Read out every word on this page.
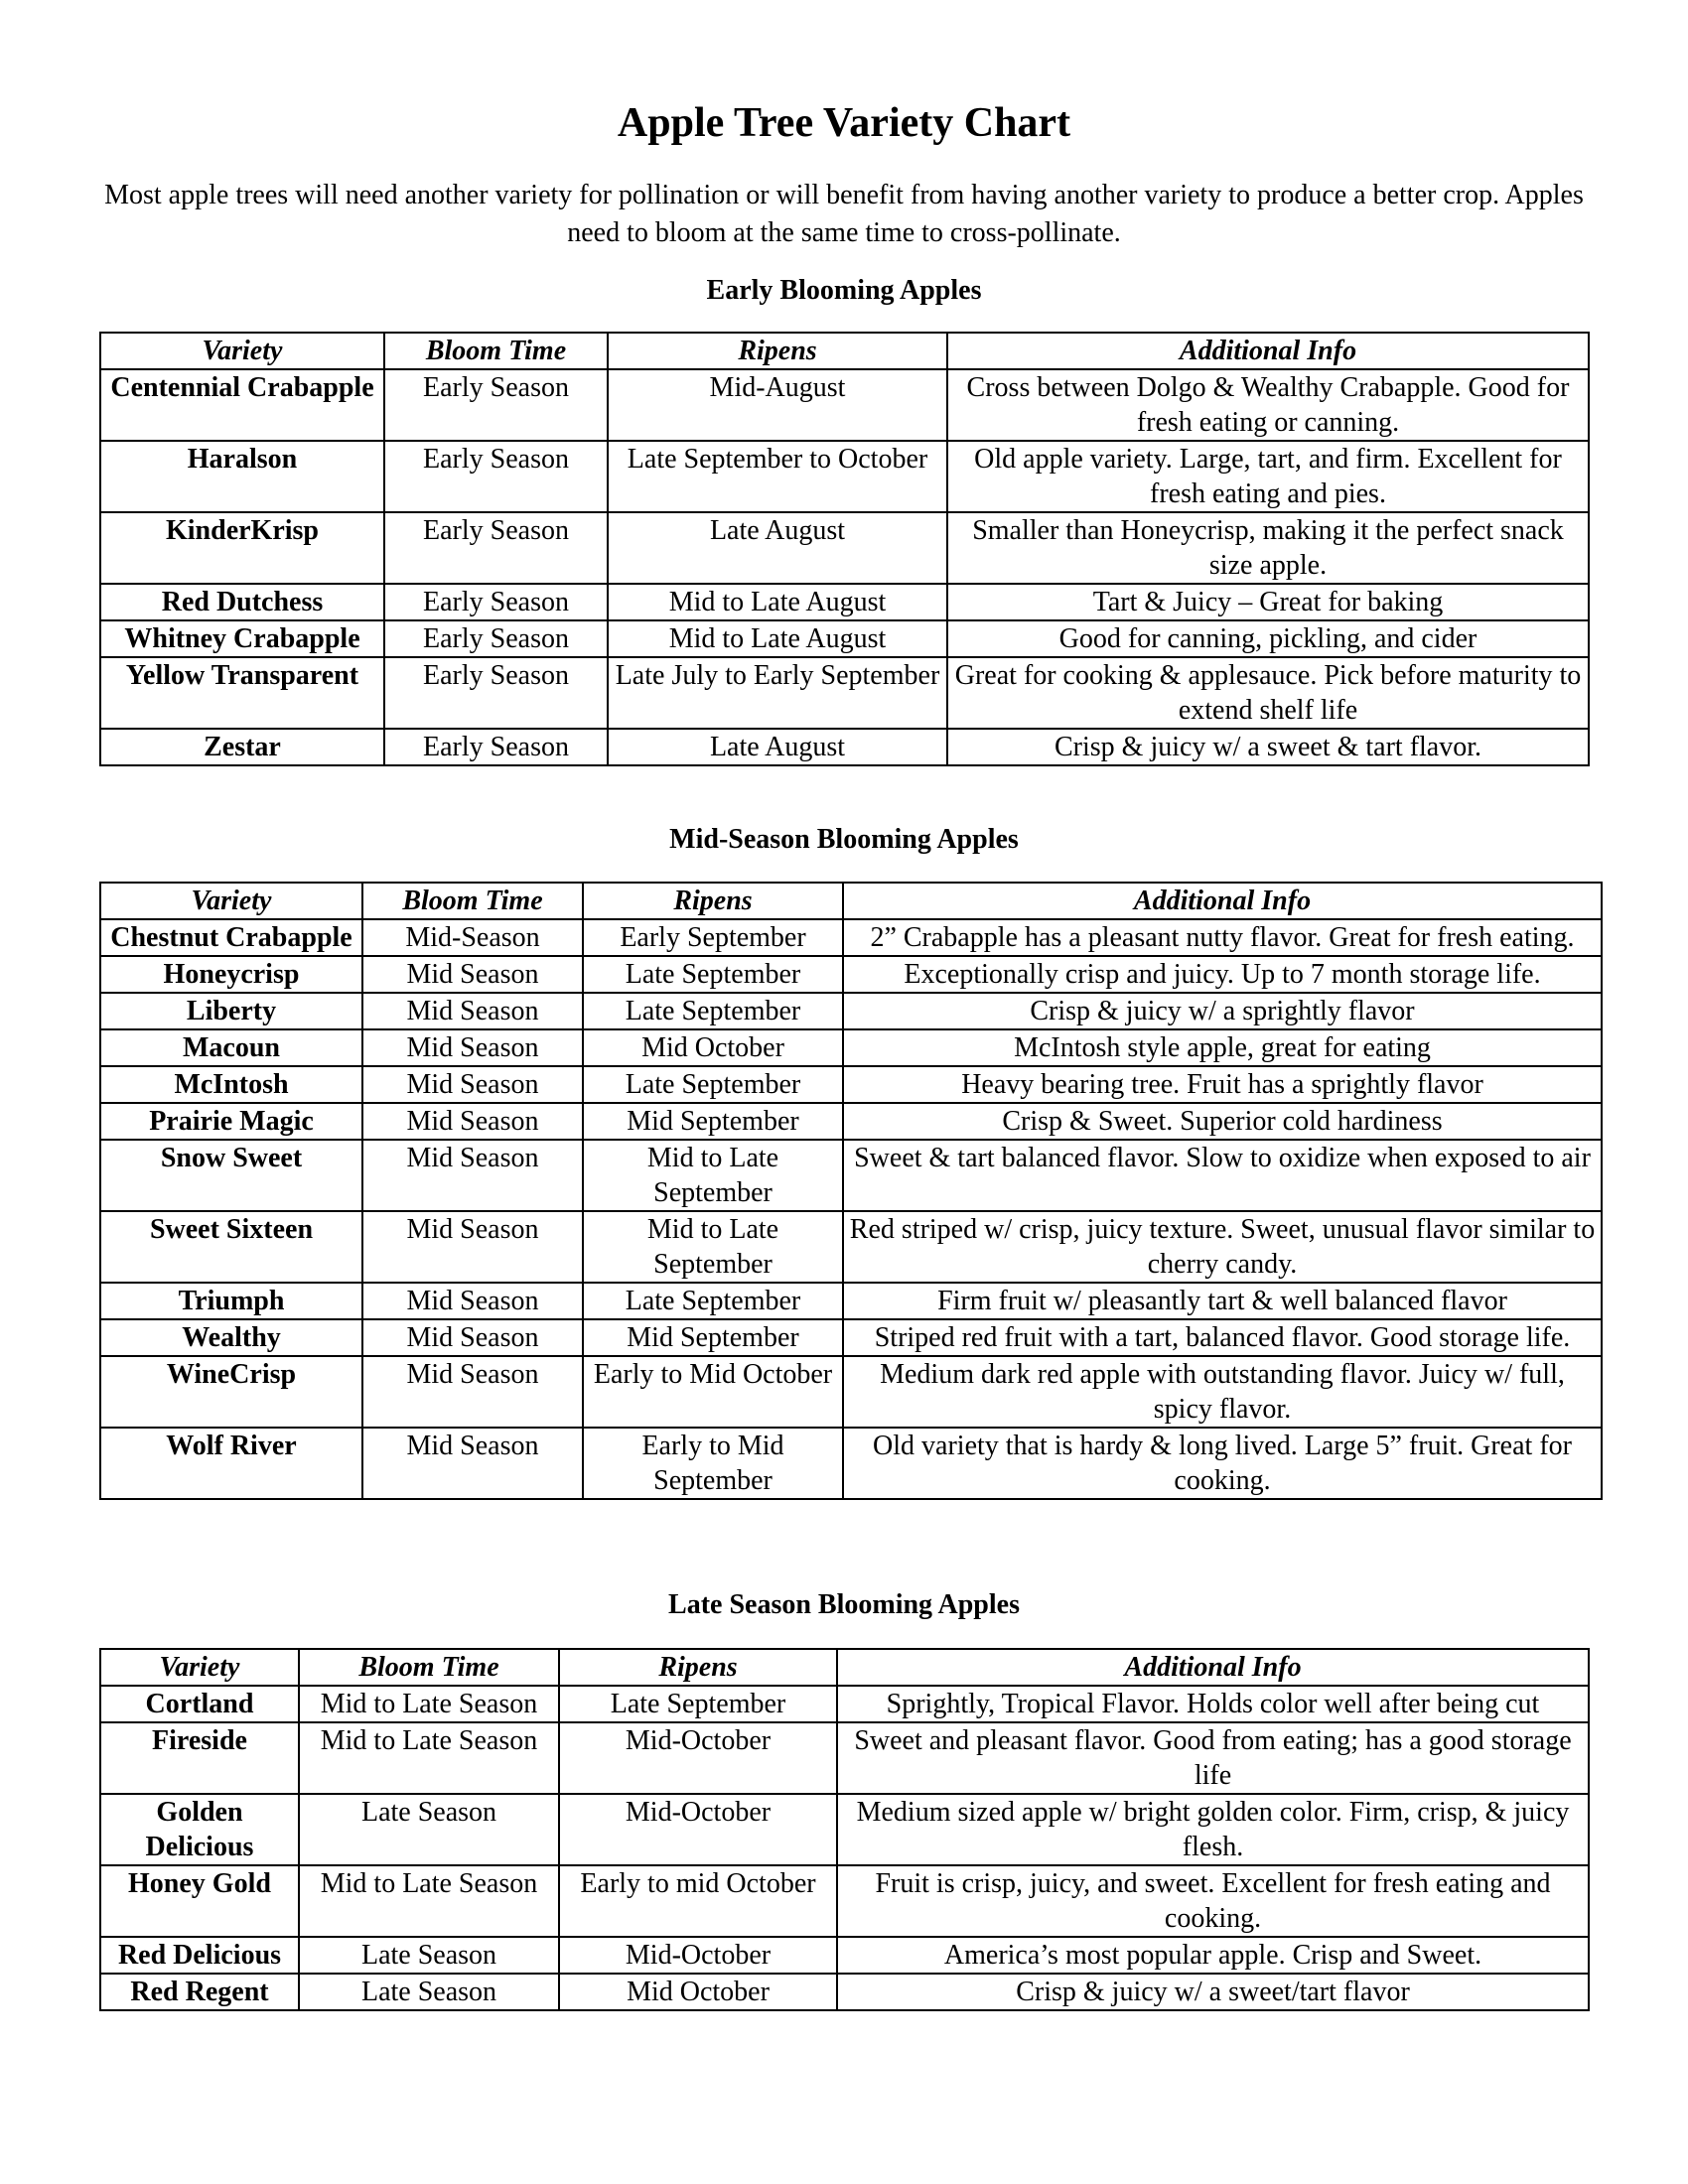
Apple Tree Variety Chart
Most apple trees will need another variety for pollination or will benefit from having another variety to produce a better crop. Apples need to bloom at the same time to cross-pollinate.
Early Blooming Apples
Variety	Bloom Time	Ripens	Additional Info
Centennial Crabapple	Early Season	Mid-August	Cross between Dolgo & Wealthy Crabapple. Good for fresh eating or canning.
Haralson	Early Season	Late September to October	Old apple variety. Large, tart, and firm. Excellent for fresh eating and pies.
KinderKrisp	Early Season	Late August	Smaller than Honeycrisp, making it the perfect snack size apple.
Red Dutchess	Early Season	Mid to Late August	Tart & Juicy – Great for baking
Whitney Crabapple	Early Season	Mid to Late August	Good for canning, pickling, and cider
Yellow Transparent	Early Season	Late July to Early September	Great for cooking & applesauce. Pick before maturity to extend shelf life
Zestar	Early Season	Late August	Crisp & juicy w/ a sweet & tart flavor.
Mid-Season Blooming Apples
Variety	Bloom Time	Ripens	Additional Info
Chestnut Crabapple	Mid-Season	Early September	2” Crabapple has a pleasant nutty flavor. Great for fresh eating.
Honeycrisp	Mid Season	Late September	Exceptionally crisp and juicy. Up to 7 month storage life.
Liberty	Mid Season	Late September	Crisp & juicy w/ a sprightly flavor
Macoun	Mid Season	Mid October	McIntosh style apple, great for eating
McIntosh	Mid Season	Late September	Heavy bearing tree. Fruit has a sprightly flavor
Prairie Magic	Mid Season	Mid September	Crisp & Sweet. Superior cold hardiness
Snow Sweet	Mid Season	Mid to Late September	Sweet & tart balanced flavor. Slow to oxidize when exposed to air
Sweet Sixteen	Mid Season	Mid to Late September	Red striped w/ crisp, juicy texture. Sweet, unusual flavor similar to cherry candy.
Triumph	Mid Season	Late September	Firm fruit w/ pleasantly tart & well balanced flavor
Wealthy	Mid Season	Mid September	Striped red fruit with a tart, balanced flavor. Good storage life.
WineCrisp	Mid Season	Early to Mid October	Medium dark red apple with outstanding flavor. Juicy w/ full, spicy flavor.
Wolf River	Mid Season	Early to Mid September	Old variety that is hardy & long lived. Large 5” fruit. Great for cooking.
Late Season Blooming Apples
Variety	Bloom Time	Ripens	Additional Info
Cortland	Mid to Late Season	Late September	Sprightly, Tropical Flavor. Holds color well after being cut
Fireside	Mid to Late Season	Mid-October	Sweet and pleasant flavor. Good from eating; has a good storage life
Golden Delicious	Late Season	Mid-October	Medium sized apple w/ bright golden color. Firm, crisp, & juicy flesh.
Honey Gold	Mid to Late Season	Early to mid October	Fruit is crisp, juicy, and sweet. Excellent for fresh eating and cooking.
Red Delicious	Late Season	Mid-October	America’s most popular apple. Crisp and Sweet.
Red Regent	Late Season	Mid October	Crisp & juicy w/ a sweet/tart flavor
